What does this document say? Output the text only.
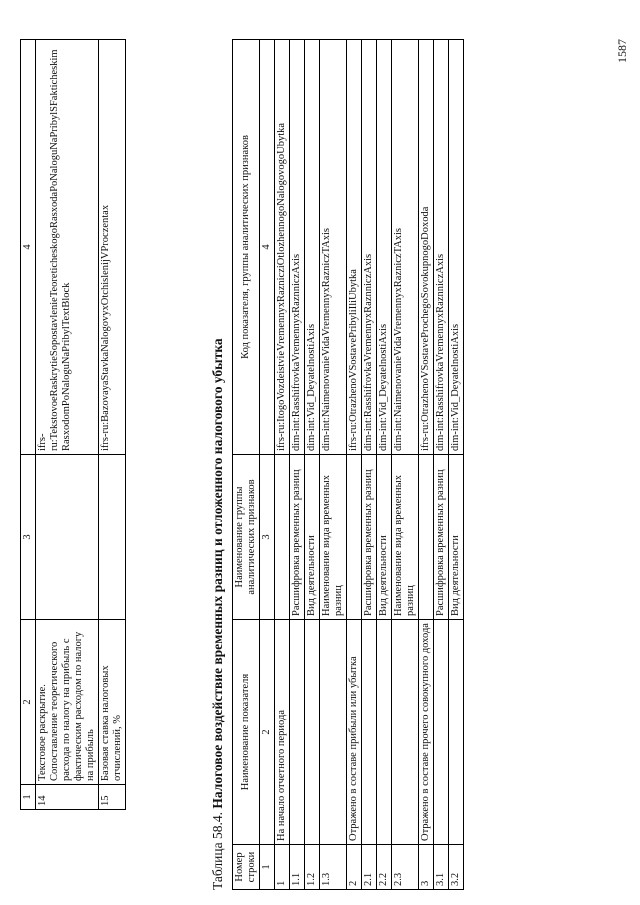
1	2	3	4
14	Текстовое раскрытие. Сопоставление теоретического расхода по налогу на прибыль с фактическим расходом по налогу на прибыль		ifrs-ru:TekstovoeRaskrytieSopostavlenieTeoreticheskogoRasxodaPoNaloguNaPribylSFakticheskimRasxodomPoNaloguNaPribylTextBlock
15	Базовая ставка налоговых отчислений, %		ifrs-ru:BazovayaStavkaNalogovyxOtchislenijVProczentax
Таблица 58.4. Налоговое воздействие временных разниц и отложенного налогового убытка
Номер строки	Наименование показателя	Наименование группы аналитических признаков	Код показателя, группы аналитических признаков
1	2	3	4
1	На начало отчетного периода		ifrs-ru:ItogoVozdeistvieVremennyxRaznicziOtlozhennogoNalogovogoUbytka
1.1		Расшифровка временных разниц	dim-int:RasshifrovkaVremennyxRaznniczAxis
1.2		Вид деятельности	dim-int:Vid_DeyatelnostiAxis
1.3		Наименование вида временных разниц	dim-int:NaimenovanieVidaVremennyxRazniczTAxis
2	Отражено в составе прибыли или убытка		ifrs-ru:OtrazhenoVSostavePribyliIliUbytka
2.1		Расшифровка временных разниц	dim-int:RasshifrovkaVremennyxRaznniczAxis
2.2		Вид деятельности	dim-int:Vid_DeyatelnostiAxis
2.3		Наименование вида временных разниц	dim-int:NaimenovanieVidaVremennyxRazniczTAxis
3	Отражено в составе прочего совокупного дохода		ifrs-ru:OtrazhenoVSostaveProchegoSovokupnogoDoxoda
3.1		Расшифровка временных разниц	dim-int:RasshifrovkaVremennyxRaznniczAxis
3.2		Вид деятельности	dim-int:Vid_DeyatelnostiAxis
1587
